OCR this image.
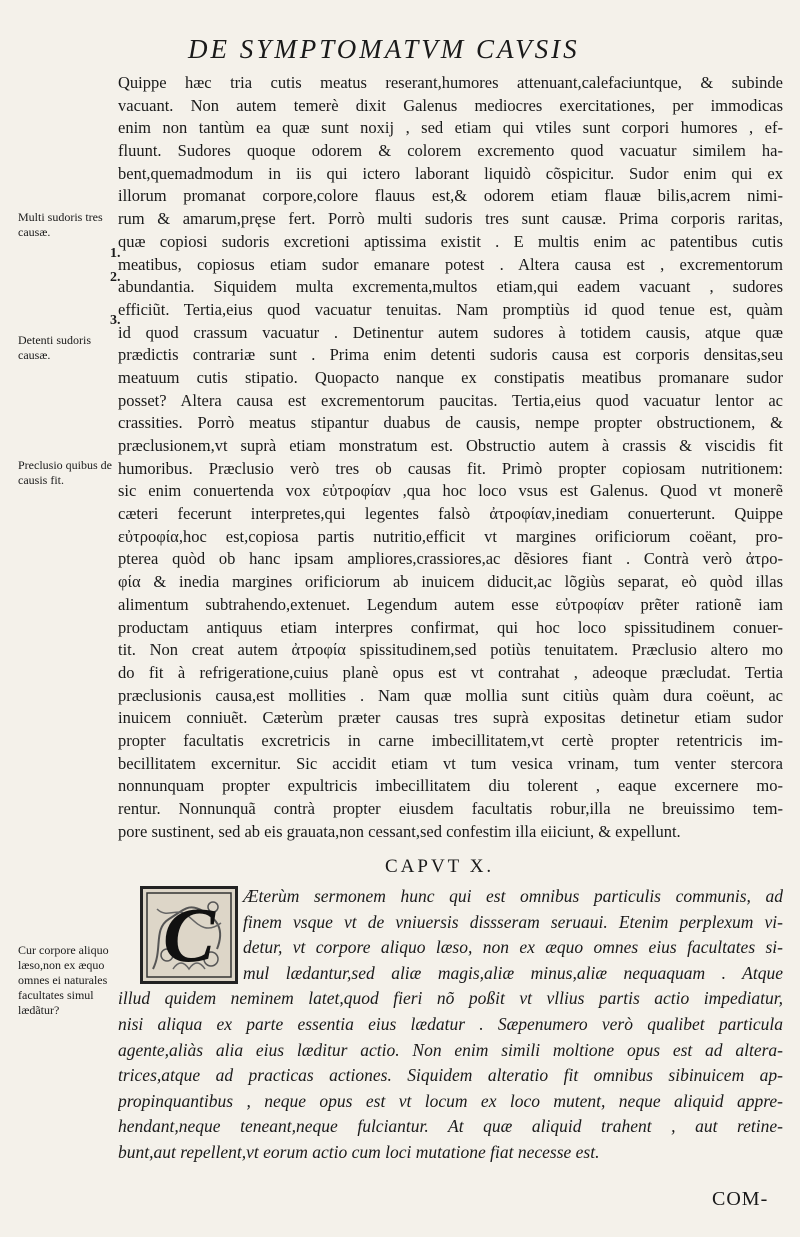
DE SYMPTOMATVM CAVSIS
Multi sudoris tres causæ.
Detenti sudoris causæ.
Preclusio quibus de causis fit.
Cur corpore aliquo læso,non ex æquo omnes ei naturales facultates simul lædãtur?
1.
2.
3.
Quippe hæc tria cutis meatus reserant,humores attenuant,calefaciuntque, & subinde
vacuant. Non autem temerè dixit Galenus mediocres exercitationes, per immodicas
enim non tantùm ea quæ sunt noxij , sed etiam qui vtiles sunt corpori humores , ef-
fluunt. Sudores quoque odorem & colorem excremento quod vacuatur similem ha-
bent,quemadmodum in iis qui ictero laborant liquidò cõspicitur. Sudor enim qui ex
illorum promanat corpore,colore flauus est,& odorem etiam flauæ bilis,acrem nimi-
rum & amarum,pręse fert. Porrò multi sudoris tres sunt causæ. Prima corporis raritas,
quæ copiosi sudoris excretioni aptissima existit . E multis enim ac patentibus cutis
meatibus, copiosus etiam sudor emanare potest . Altera causa est , excrementorum
abundantia. Siquidem multa excrementa,multos etiam,qui eadem vacuant , sudores
efficiũt. Tertia,eius quod vacuatur tenuitas. Nam promptiùs id quod tenue est, quàm
id quod crassum vacuatur . Detinentur autem sudores à totidem causis, atque quæ
prædictis contrariæ sunt . Prima enim detenti sudoris causa est corporis densitas,seu
meatuum cutis stipatio. Quopacto nanque ex constipatis meatibus promanare sudor
posset? Altera causa est excrementorum paucitas. Tertia,eius quod vacuatur lentor ac
crassities. Porrò meatus stipantur duabus de causis, nempe propter obstructionem, &
præclusionem,vt suprà etiam monstratum est. Obstructio autem à crassis & viscidis fit
humoribus. Præclusio verò tres ob causas fit. Primò propter copiosam nutritionem:
sic enim conuertenda vox εὐτροφίαν ,qua hoc loco vsus est Galenus. Quod vt monerẽ
cæteri fecerunt interpretes,qui legentes falsò ἀτροφίαν,inediam conuerterunt. Quippe
εὐτροφία,hoc est,copiosa partis nutritio,efficit vt margines orificiorum coëant, pro-
pterea quòd ob hanc ipsam ampliores,crassiores,ac dẽsiores fiant . Contrà verò ἀτρο-
φία & inedia margines orificiorum ab inuicem diducit,ac lõgiùs separat, eò quòd illas
alimentum subtrahendo,extenuet. Legendum autem esse εὐτροφίαν prẽter rationẽ iam
productam antiquus etiam interpres confirmat, qui hoc loco spissitudinem conuer-
tit. Non creat autem ἀτροφία spissitudinem,sed potiùs tenuitatem. Præclusio altero mo
do fit à refrigeratione,cuius planè opus est vt contrahat , adeoque præcludat. Tertia
præclusionis causa,est mollities . Nam quæ mollia sunt citiùs quàm dura coëunt, ac
inuicem conniuẽt. Cæterùm præter causas tres suprà expositas detinetur etiam sudor
propter facultatis excretricis in carne imbecillitatem,vt certè propter retentricis im-
becillitatem excernitur. Sic accidit etiam vt tum vesica vrinam, tum venter stercora
nonnunquam propter expultricis imbecillitatem diu tolerent , eaque excernere mo-
rentur. Nonnunquã contrà propter eiusdem facultatis robur,illa ne breuissimo tem-
pore sustinent, sed ab eis grauata,non cessant,sed confestim illa eiiciunt, & expellunt.
CAPVT X.
C	Æterùm sermonem hunc qui est omnibus particulis communis, ad
finem vsque vt de vniuersis dissseram seruaui. Etenim perplexum vi-
detur, vt corpore aliquo læso, non ex æquo omnes eius facultates si-
mul lædantur,sed aliæ magis,aliæ minus,aliæ nequaquam . Atque
illud quidem neminem latet,quod fieri nõ poßit vt vllius partis actio impediatur,
nisi aliqua ex parte essentia eius lædatur . Sæpenumero verò qualibet particula
agente,aliàs alia eius læditur actio. Non enim simili moltione opus est ad altera-
trices,atque ad practicas actiones. Siquidem alteratio fit omnibus sibinuicem ap-
propinquantibus , neque opus est vt locum ex loco mutent, neque aliquid appre-
hendant,neque teneant,neque fulciantur. At quæ aliquid trahent , aut retine-
bunt,aut repellent,vt eorum actio cum loci mutatione fiat necesse est.
COM-
